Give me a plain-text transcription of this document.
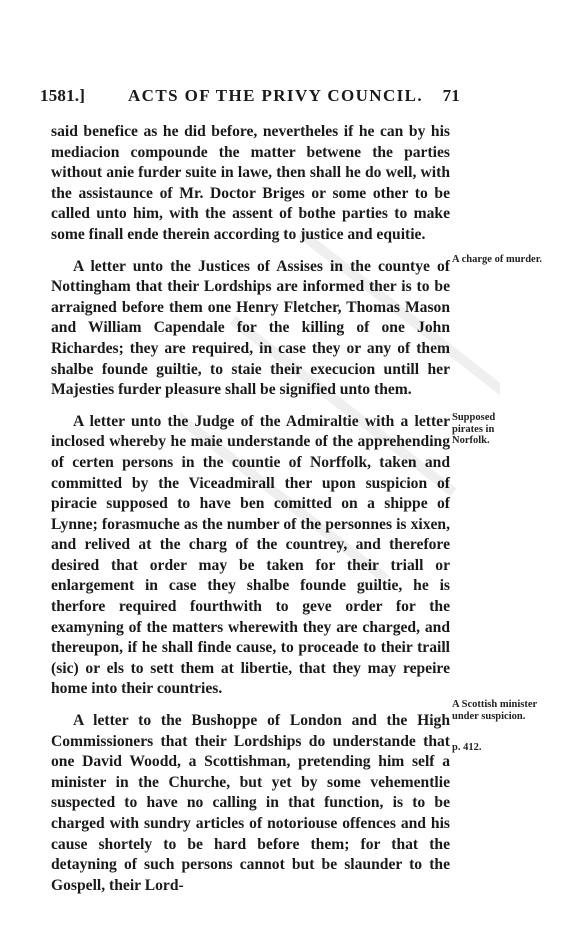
1581.]	ACTS OF THE PRIVY COUNCIL. 71

said benefice as he did before, nevertheles if he can by his mediacion compounde the matter betwene the parties without anie furder suite in lawe, then shall he do well, with the assistaunce of Mr. Doctor Briges or some other to be called unto him, with the assent of bothe parties to make some finall ende therein according to justice and equitie.

A letter unto the Justices of Assises in the countye of Nottingham that their Lordships are informed ther is to be arraigned before them one Henry Fletcher, Thomas Mason and William Capendale for the killing of one John Richardes; they are required, in case they or any of them shalbe founde guiltie, to staie their execucion untill her Majesties furder pleasure shall be signified unto them.

A letter unto the Judge of the Admiraltie with a letter inclosed whereby he maie understande of the apprehending of certen persons in the countie of Norffolk, taken and committed by the Viceadmirall ther upon suspicion of piracie supposed to have ben comitted on a shippe of Lynne; forasmuche as the number of the personnes is xixen, and relived at the charg of the countrey, and therefore desired that order may be taken for their triall or enlargement in case they shalbe founde guiltie, he is therfore required fourthwith to geve order for the examyning of the matters wherewith they are charged, and thereupon, if he shall finde cause, to proceade to their traill (sic) or els to sett them at libertie, that they may repeire home into their countries.

A letter to the Bushoppe of London and the High Commissioners that their Lordships do understande that one David Woodd, a Scottishman, pretending him self a minister in the Churche, but yet by some vehementlie suspected to have no calling in that function, is to be charged with sundry articles of notoriouse offences and his cause shortely to be hard before them; for that the detayning of such persons cannot but be slaunder to the Gospell, their Lord-

A charge of murder.
Supposed pirates in Norfolk.
A Scottish minister under suspicion.
p. 412.
